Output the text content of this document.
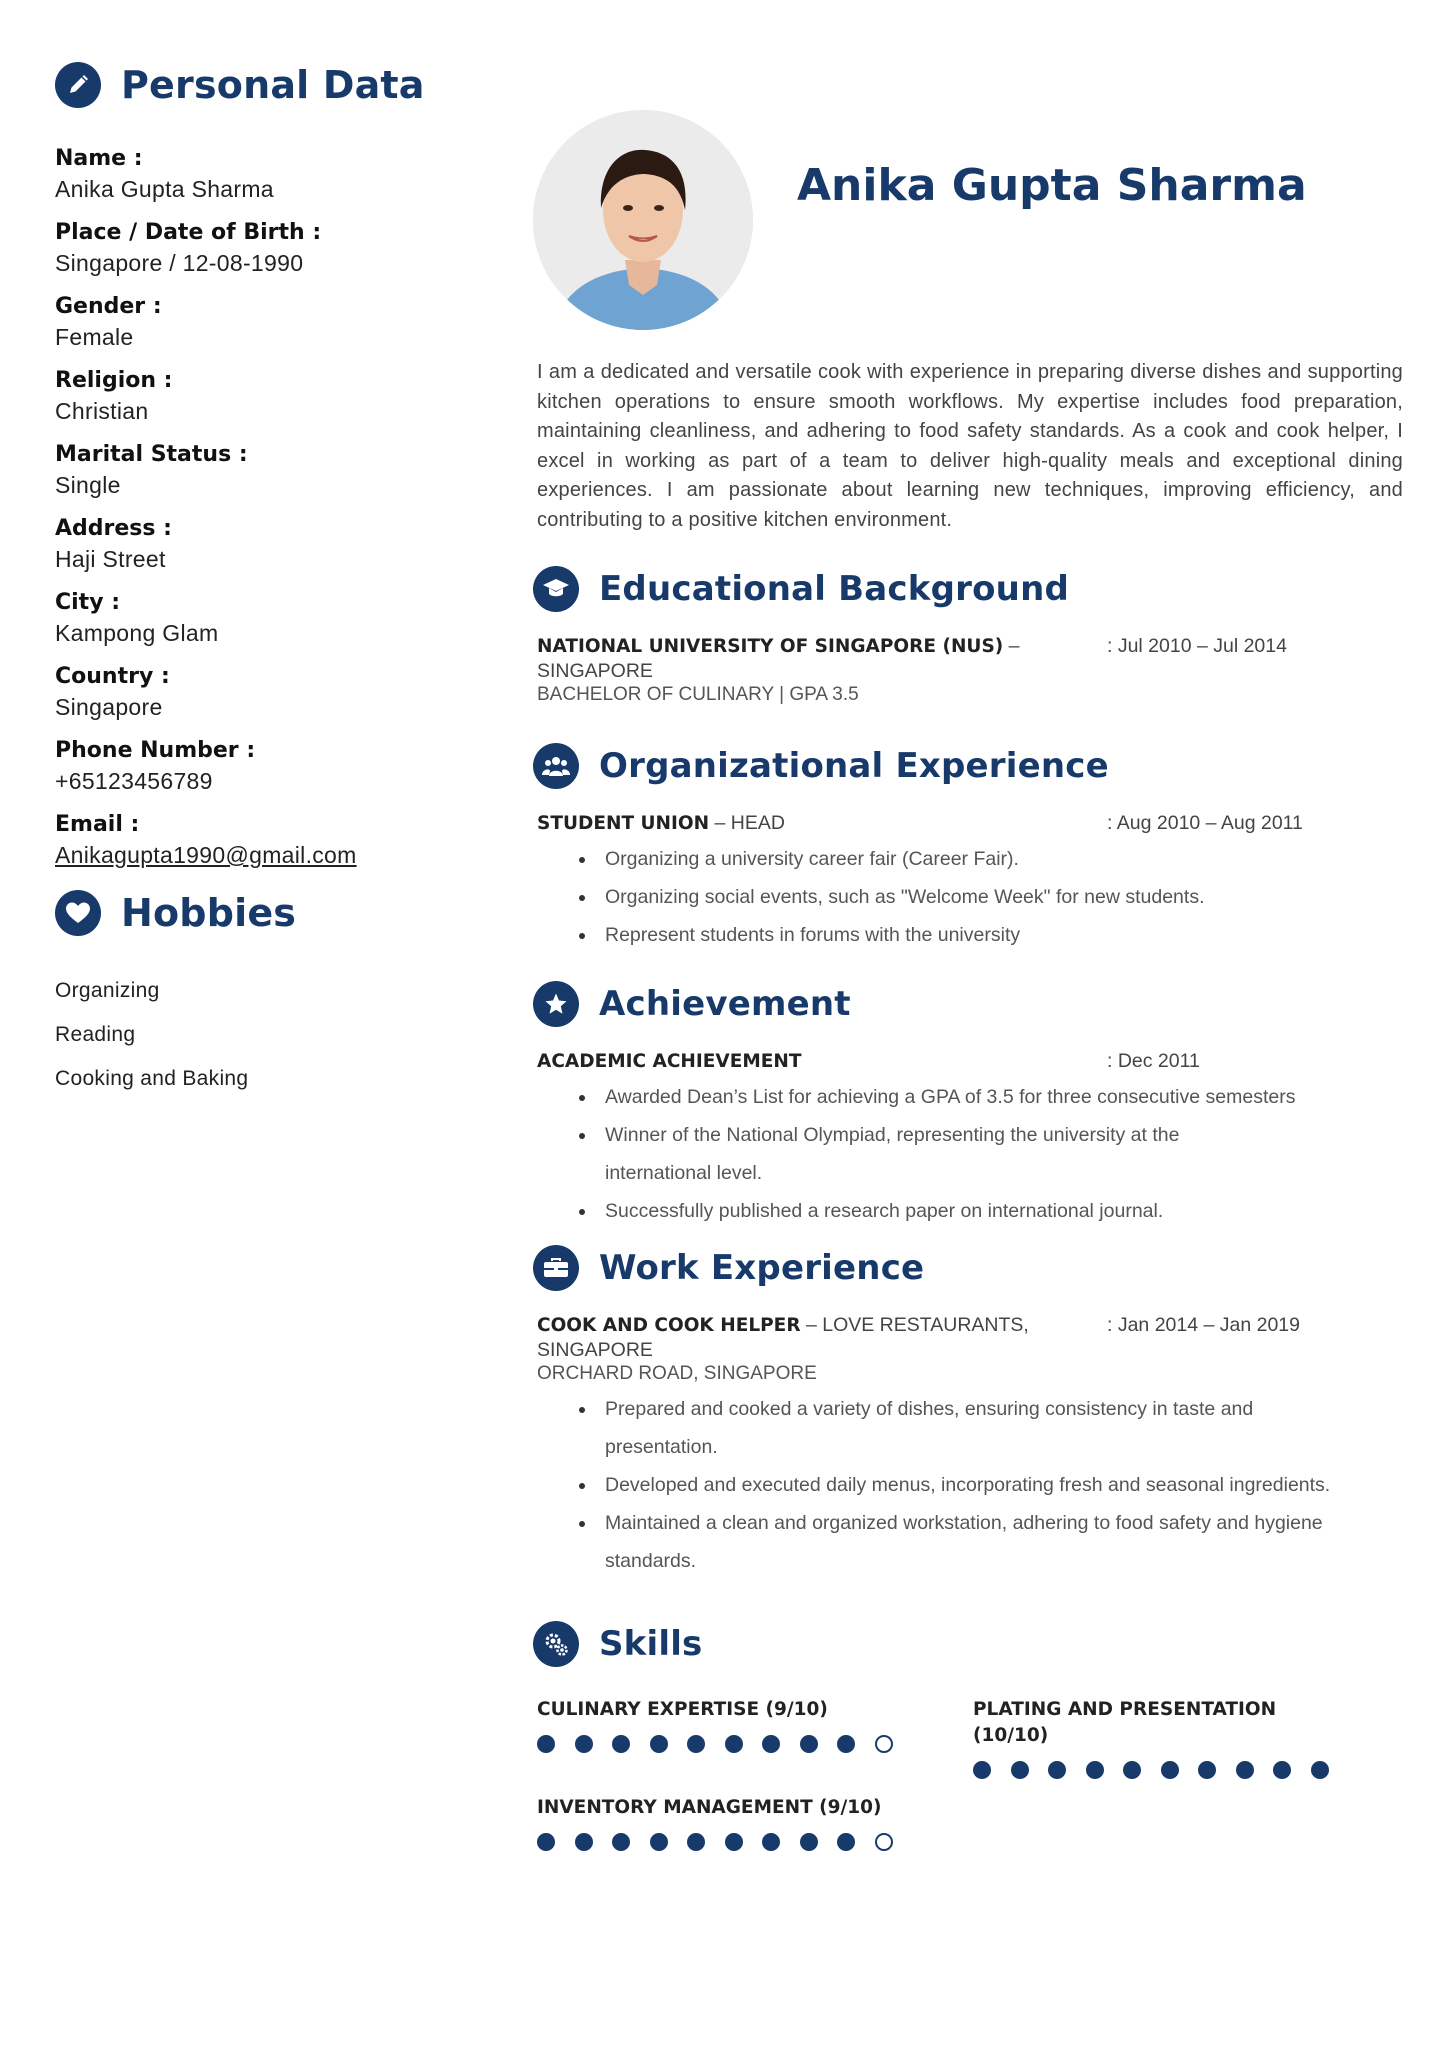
Personal Data
Name :
Anika Gupta Sharma
Place / Date of Birth :
Singapore / 12-08-1990
Gender :
Female
Religion :
Christian
Marital Status :
Single
Address :
Haji Street
City :
Kampong Glam
Country :
Singapore
Phone Number :
+65123456789
Email :
Anikagupta1990@gmail.com
Hobbies
Organizing
Reading
Cooking and Baking
Anika Gupta Sharma
I am a dedicated and versatile cook with experience in preparing diverse dishes and supporting kitchen operations to ensure smooth workflows. My expertise includes food preparation, maintaining cleanliness, and adhering to food safety standards. As a cook and cook helper, I excel in working as part of a team to deliver high-quality meals and exceptional dining experiences. I am passionate about learning new techniques, improving efficiency, and contributing to a positive kitchen environment.
Educational Background
NATIONAL UNIVERSITY OF SINGAPORE (NUS) – SINGAPORE
: Jul 2010 – Jul 2014
BACHELOR OF CULINARY | GPA 3.5
Organizational Experience
STUDENT UNION – HEAD	: Aug 2010 – Aug 2011
Organizing a university career fair (Career Fair).
Organizing social events, such as "Welcome Week" for new students.
Represent students in forums with the university
Achievement
ACADEMIC ACHIEVEMENT	: Dec 2011
Awarded Dean’s List for achieving a GPA of 3.5 for three consecutive semesters
Winner of the National Olympiad, representing the university at the international level.
Successfully published a research paper on international journal.
Work Experience
COOK AND COOK HELPER – LOVE RESTAURANTS, SINGAPORE
: Jan 2014 – Jan 2019
ORCHARD ROAD, SINGAPORE
Prepared and cooked a variety of dishes, ensuring consistency in taste and presentation.
Developed and executed daily menus, incorporating fresh and seasonal ingredients.
Maintained a clean and organized workstation, adhering to food safety and hygiene standards.
Skills
CULINARY EXPERTISE (9/10)	PLATING AND PRESENTATION (10/10)
INVENTORY MANAGEMENT (9/10)
